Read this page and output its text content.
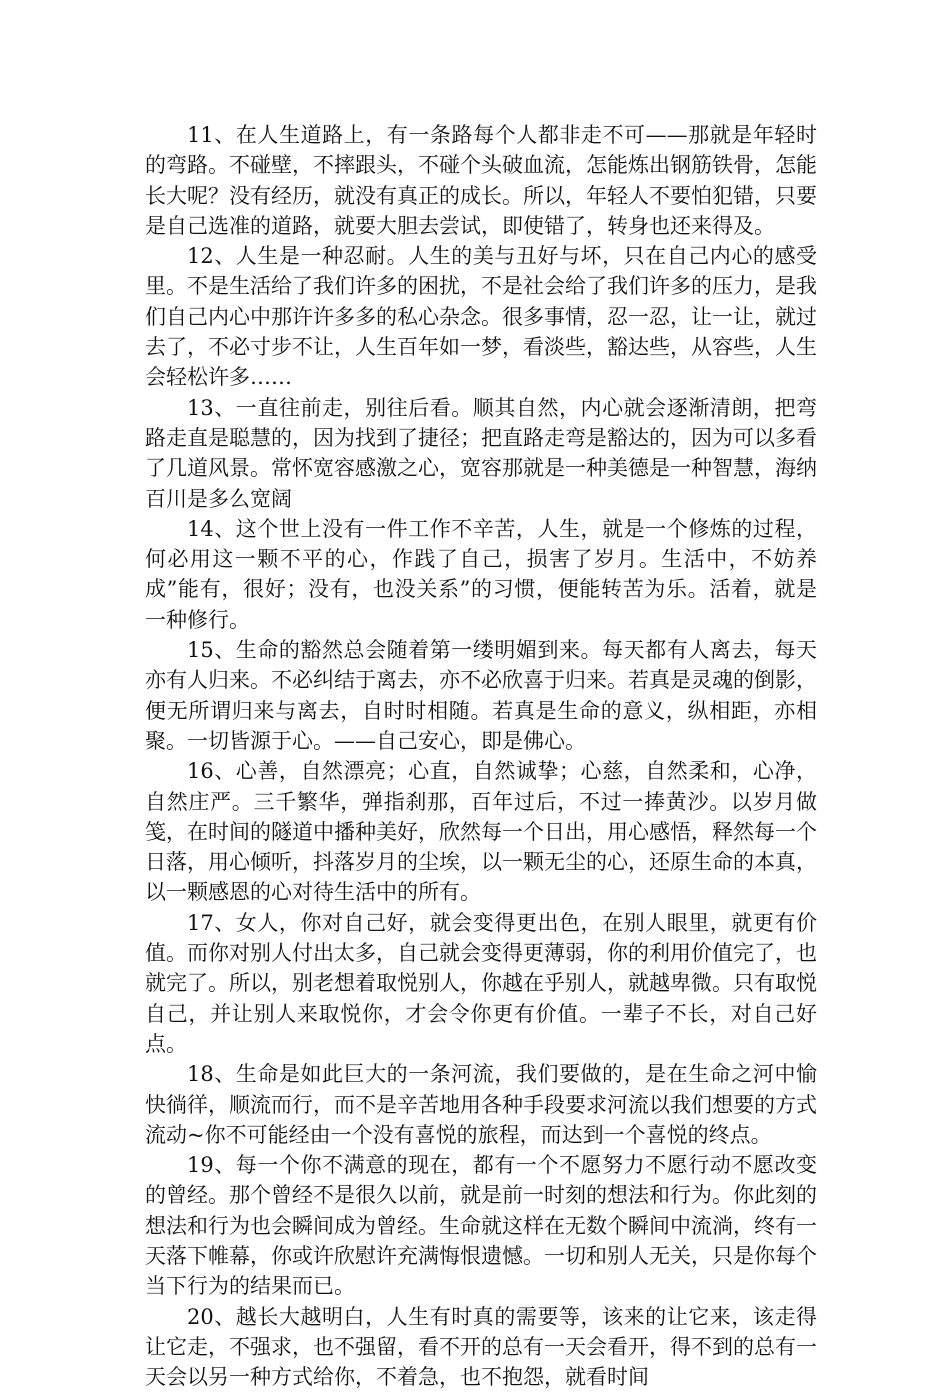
11、在人生道路上，有一条路每个人都非走不可——那就是年轻时的弯路。不碰壁，不摔跟头，不碰个头破血流，怎能炼出钢筋铁骨，怎能长大呢？没有经历，就没有真正的成长。所以，年轻人不要怕犯错，只要是自己选准的道路，就要大胆去尝试，即使错了，转身也还来得及。

12、人生是一种忍耐。人生的美与丑好与坏，只在自己内心的感受里。不是生活给了我们许多的困扰，不是社会给了我们许多的压力，是我们自己内心中那许许多多的私心杂念。很多事情，忍一忍，让一让，就过去了，不必寸步不让，人生百年如一梦，看淡些，豁达些，从容些，人生会轻松许多……

13、一直往前走，别往后看。顺其自然，内心就会逐渐清朗，把弯路走直是聪慧的，因为找到了捷径；把直路走弯是豁达的，因为可以多看了几道风景。常怀宽容感激之心，宽容那就是一种美德是一种智慧，海纳百川是多么宽阔

14、这个世上没有一件工作不辛苦，人生，就是一个修炼的过程，何必用这一颗不平的心，作践了自己，损害了岁月。生活中，不妨养成”能有，很好；没有，也没关系”的习惯，便能转苦为乐。活着，就是一种修行。

15、生命的豁然总会随着第一缕明媚到来。每天都有人离去，每天亦有人归来。不必纠结于离去，亦不必欣喜于归来。若真是灵魂的倒影，便无所谓归来与离去，自时时相随。若真是生命的意义，纵相距，亦相聚。一切皆源于心。——自己安心，即是佛心。

16、心善，自然漂亮；心直，自然诚挚；心慈，自然柔和，心净，自然庄严。三千繁华，弹指刹那，百年过后，不过一捧黄沙。以岁月做笺，在时间的隧道中播种美好，欣然每一个日出，用心感悟，释然每一个日落，用心倾听，抖落岁月的尘埃，以一颗无尘的心，还原生命的本真，以一颗感恩的心对待生活中的所有。

17、女人，你对自己好，就会变得更出色，在别人眼里，就更有价值。而你对别人付出太多，自己就会变得更薄弱，你的利用价值完了，也就完了。所以，别老想着取悦别人，你越在乎别人，就越卑微。只有取悦自己，并让别人来取悦你，才会令你更有价值。一辈子不长，对自己好点。

18、生命是如此巨大的一条河流，我们要做的，是在生命之河中愉快徜徉，顺流而行，而不是辛苦地用各种手段要求河流以我们想要的方式流动~你不可能经由一个没有喜悦的旅程，而达到一个喜悦的终点。

19、每一个你不满意的现在，都有一个不愿努力不愿行动不愿改变的曾经。那个曾经不是很久以前，就是前一时刻的想法和行为。你此刻的想法和行为也会瞬间成为曾经。生命就这样在无数个瞬间中流淌，终有一天落下帷幕，你或许欣慰许充满悔恨遗憾。一切和别人无关，只是你每个当下行为的结果而已。

20、越长大越明白，人生有时真的需要等，该来的让它来，该走得让它走，不强求，也不强留，看不开的总有一天会看开，得不到的总有一天会以另一种方式给你，不着急，也不抱怨，就看时间
